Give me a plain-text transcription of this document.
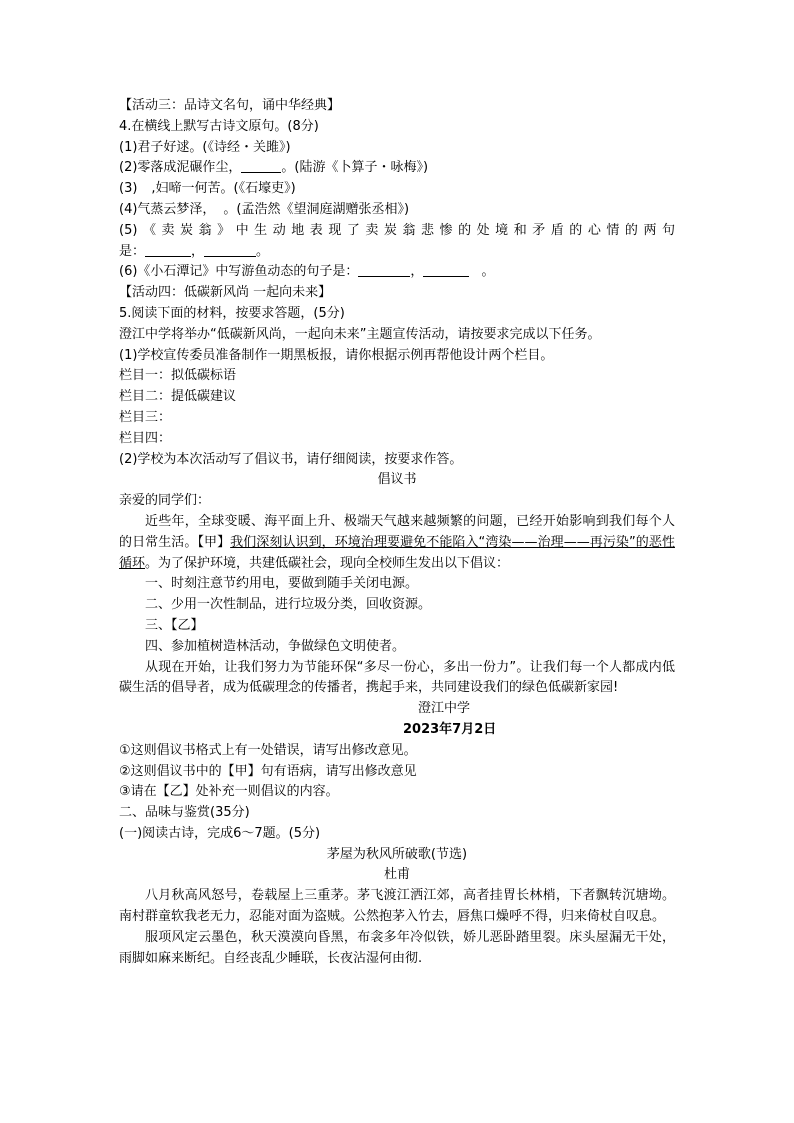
【活动三：品诗文名句，诵中华经典】
4.在横线上默写古诗文原句。(8分)
(1)君子好逑。(《诗经・关雎》)
(2)零落成泥碾作尘，	。(陆游《卜算子・咏梅》)
(3) ,妇啼一何苦。(《石壕吏》)
(4)气蒸云梦泽， 。(孟浩然《望洞庭湖赠张丞相》)
(5)《卖炭翁》中生动地表现了卖炭翁悲惨的处境和矛盾的心情的两句
是：	，	。
(6)《小石潭记》中写游鱼动态的句子是：	，	。
【活动四：低碳新风尚 一起向未来】
5.阅读下面的材料，按要求答题，(5分)
澄江中学将举办“低碳新风尚，一起向未来”主题宣传活动，请按要求完成以下任务。
(1)学校宣传委员准备制作一期黑板报，请你根据示例再帮他设计两个栏目。
栏目一：拟低碳标语
栏目二：提低碳建议
栏目三：
栏目四：
(2)学校为本次活动写了倡议书，请仔细阅读，按要求作答。
倡议书
亲爱的同学们：
近些年，全球变暖、海平面上升、极端天气越来越频繁的问题，已经开始影响到我们每个人的日常生活。【甲】我们深刻认识到，环境治理要避免不能陷入“湾染——治理——再污染”的恶性循环。为了保护环境，共建低碳社会，现向全校师生发出以下倡议：
一、时刻注意节约用电，要做到随手关闭电源。
二、少用一次性制品，进行垃圾分类，回收资源。
三、【乙】
四、参加植树造林活动，争做绿色文明使者。
从现在开始，让我们努力为节能环保“多尽一份心，多出一份力”。让我们每一个人都成内低碳生活的倡导者，成为低碳理念的传播者，携起手来，共同建设我们的绿色低碳新家园!
澄江中学
2023年7月2日
①这则倡议书格式上有一处错误，请写出修改意见。
②这则倡议书中的【甲】句有语病，请写出修改意见
③请在【乙】处补充一则倡议的内容。
二、品味与鉴赏(35分)
(一)阅读古诗，完成6～7题。(5分)
茅屋为秋风所破歌(节选)
杜甫
八月秋高风怒号，卷载屋上三重茅。茅飞渡江洒江郊，高者挂胃长林梢，下者飘转沉塘坳。南村群童软我老无力，忍能对面为盗贼。公然抱茅入竹去，唇焦口燥呼不得，归来倚杖自叹息。
服项风定云墨色，秋天漠漠向昏黑，布衾多年冷似铁，娇儿恶卧踏里裂。床头屋漏无干处，雨脚如麻来断纪。自经丧乱少睡联，长夜沾湿何由彻.
